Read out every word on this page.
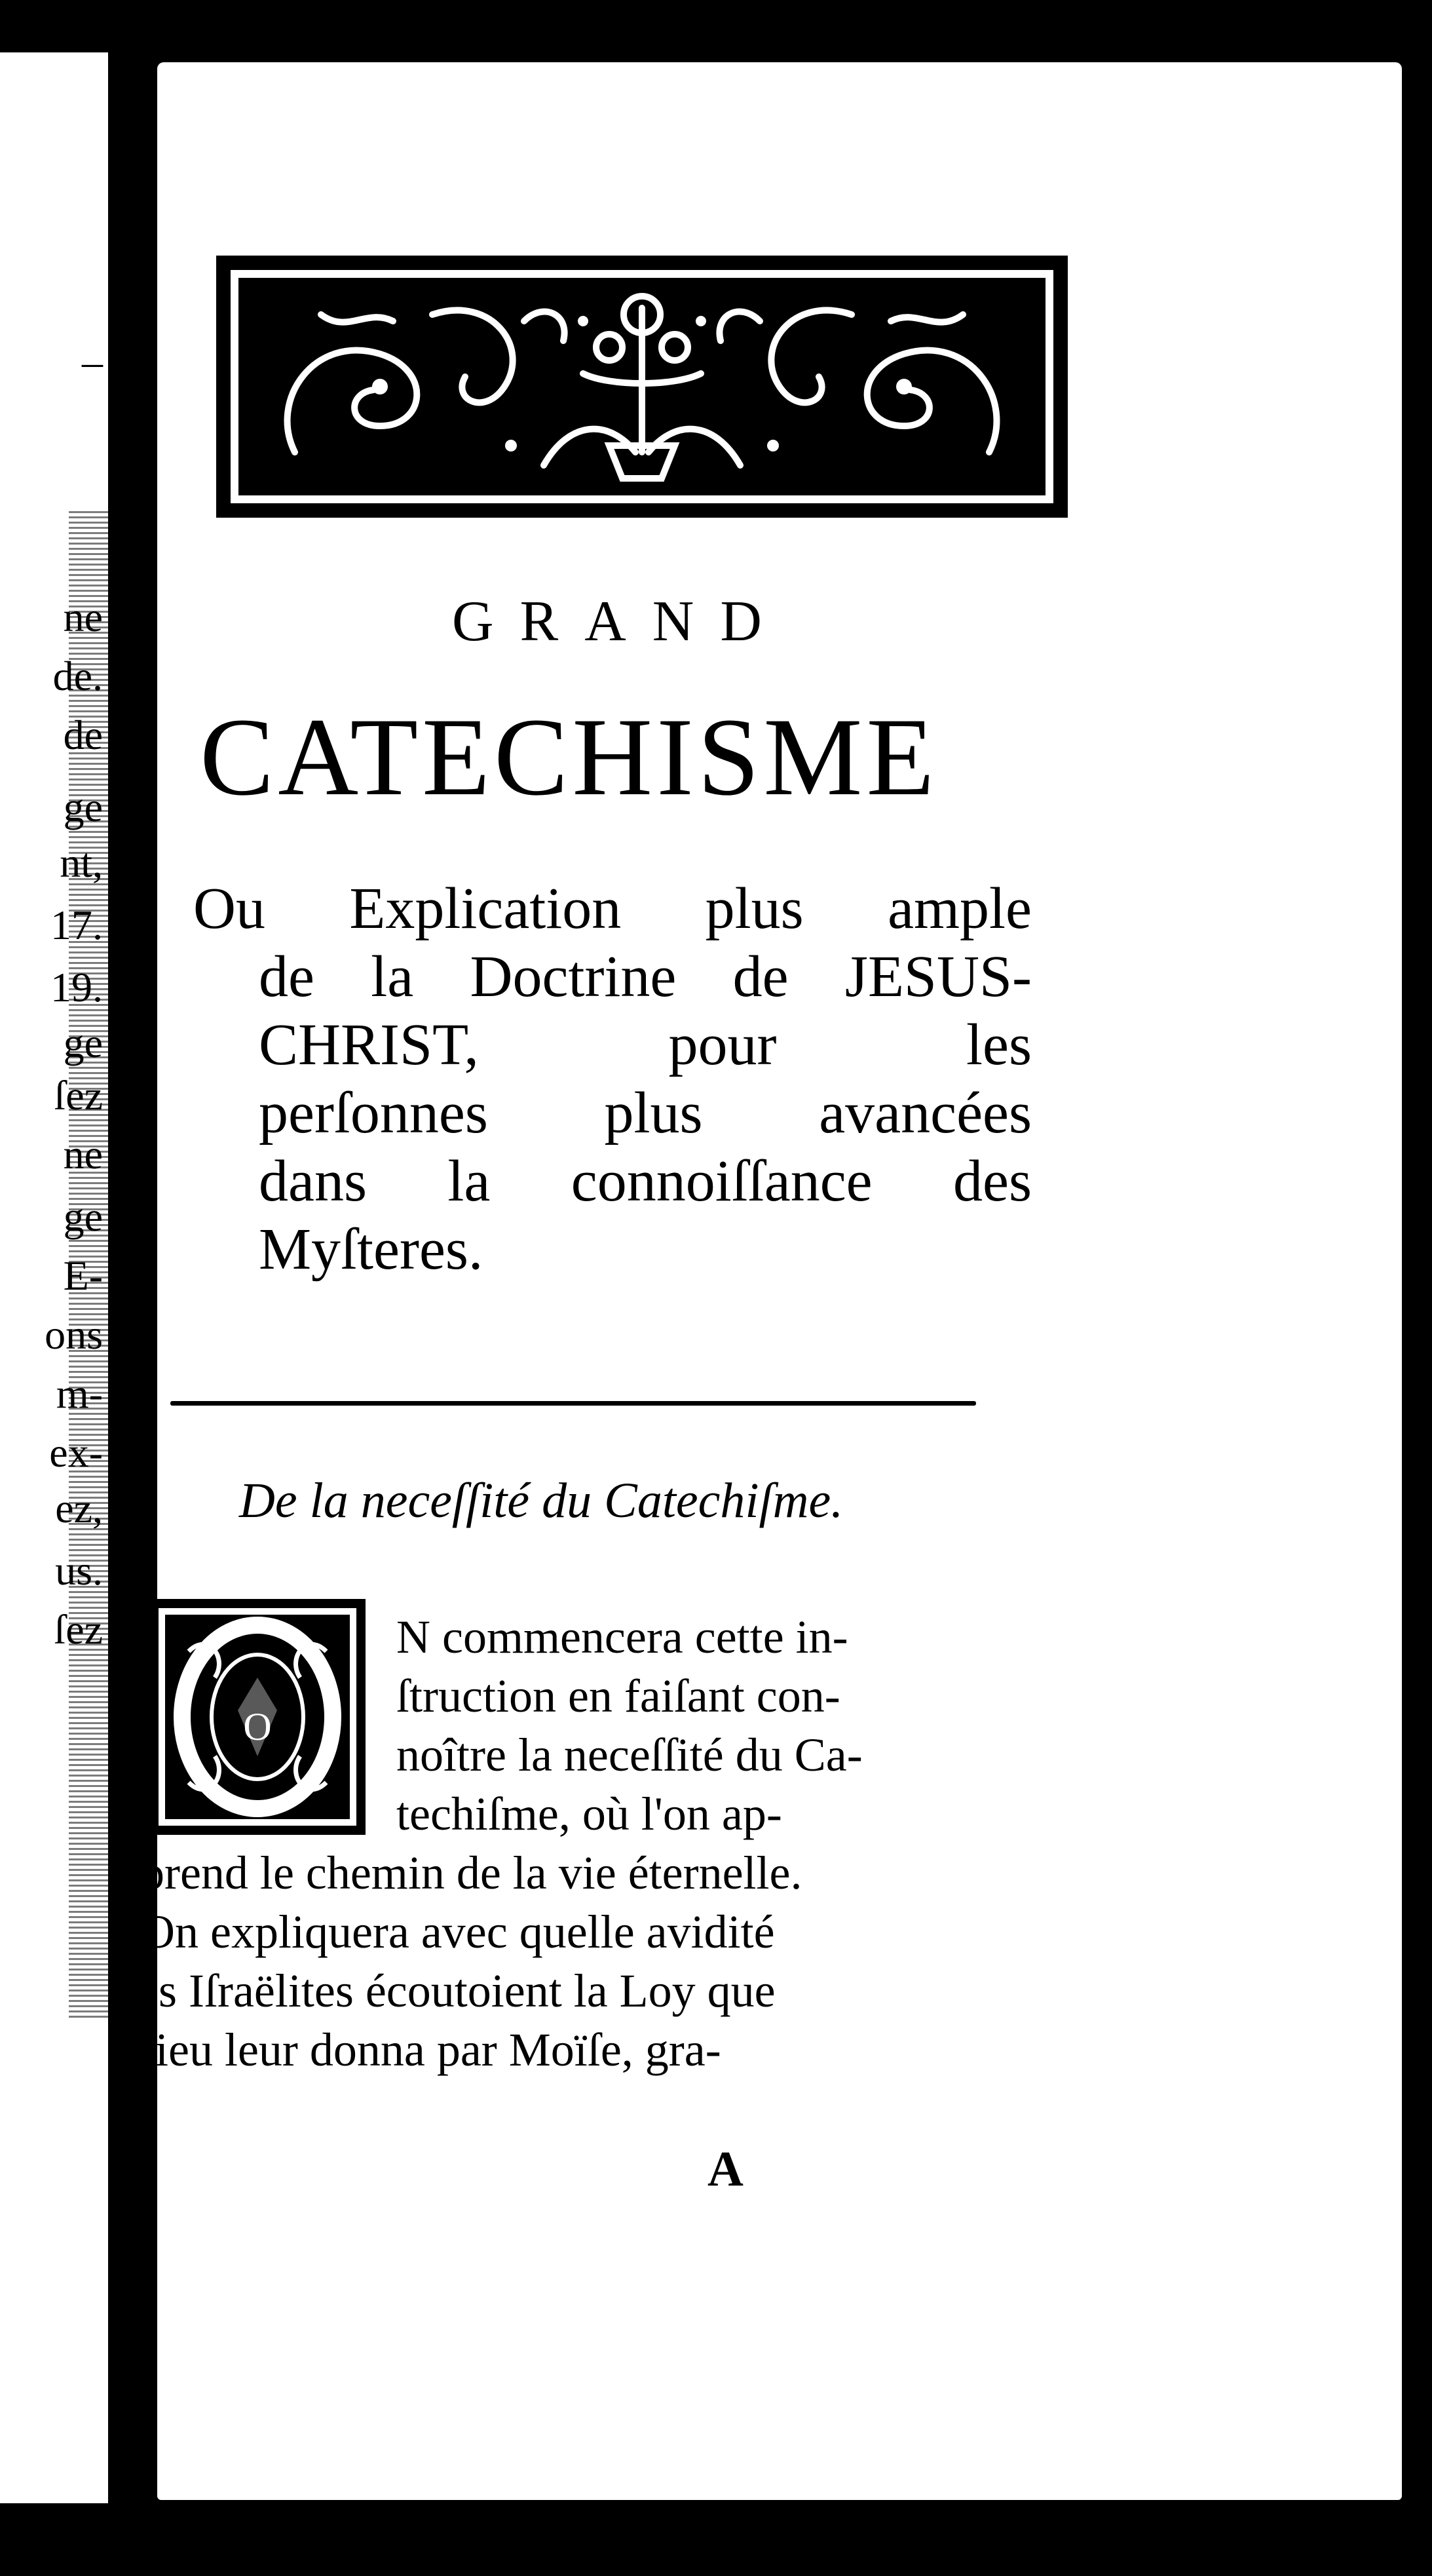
–
ne
de.
de
ge
nt,
17.
19.
ge
ſez
ne
ge
E-
ons
m-
ex-
ez,
us.
ſez
GRAND
CATECHISME
Ou Explication plus ample
de la Doctrine de JESUS-
CHRIST, pour les
perſonnes plus avancées
dans la connoiſſance des
Myſteres.
De la neceſſité du Catechiſme.
O
N commencera cette in-
ſtruction en faiſant con-
noître la neceſſité du Ca-
techiſme, où l'on ap-
prend le chemin de la vie éternelle.
On expliquera avec quelle avidité
les Iſraëlites écoutoient la Loy que
Dieu leur donna par Moïſe, gra-
A
